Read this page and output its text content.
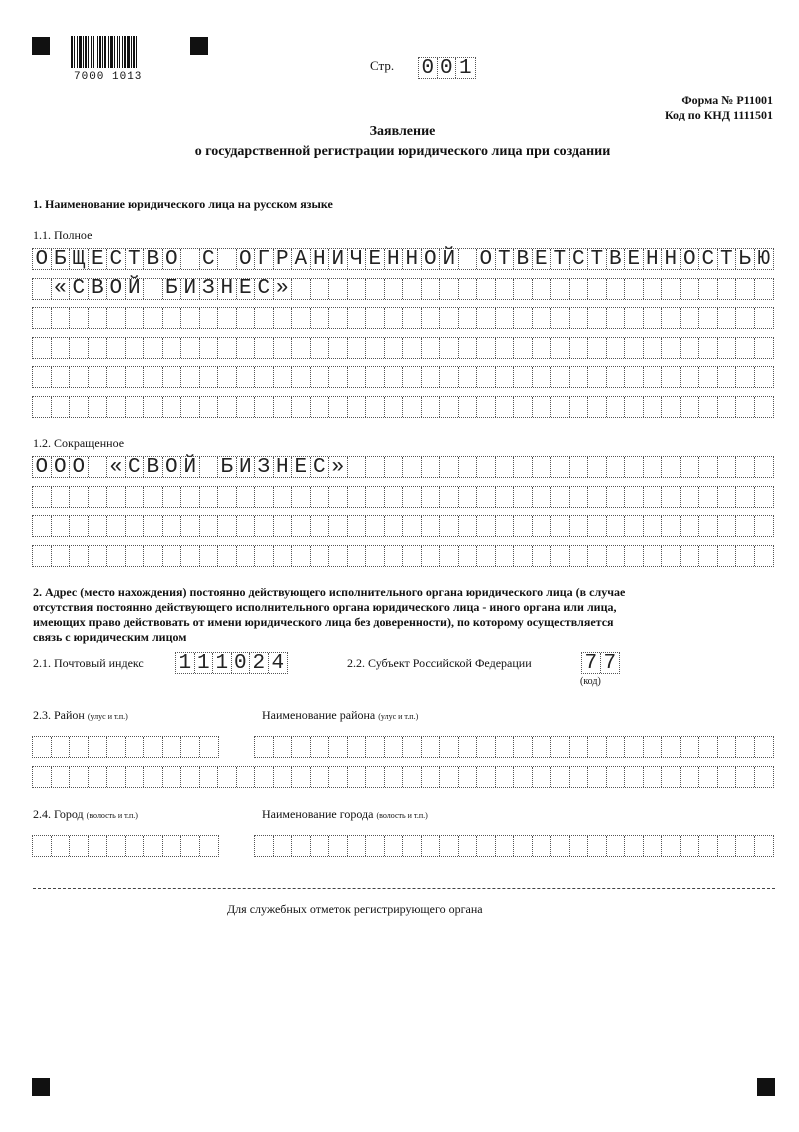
7000 1013
Стр. 0 0 1
Форма № Р11001
Код по КНД 1111501
Заявление
о государственной регистрации юридического лица при создании
1. Наименование юридического лица на русском языке
1.1. Полное
О Б Щ Е С Т В О С О Г Р А Н И Ч Е Н Н О Й О Т В Е Т С Т В Е Н Н О С Т Ь Ю
« С В О Й Б И З Н Е С »
1.2. Сокращенное
О О О « С В О Й Б И З Н Е С »
2. Адрес (место нахождения) постоянно действующего исполнительного органа юридического лица (в случае
отсутствия постоянно действующего исполнительного органа юридического лица - иного органа или лица,
имеющих право действовать от имени юридического лица без доверенности), по которому осуществляется
связь с юридическим лицом
2.1. Почтовый индекс 1 1 1 0 2 4	2.2. Субъект Российской Федерации	7 7
(код)
2.3. Район (улус и т.п.)	Наименование района (улус и т.п.)
2.4. Город (волость и т.п.)	Наименование города (волость и т.п.)
Для служебных отметок регистрирующего органа
